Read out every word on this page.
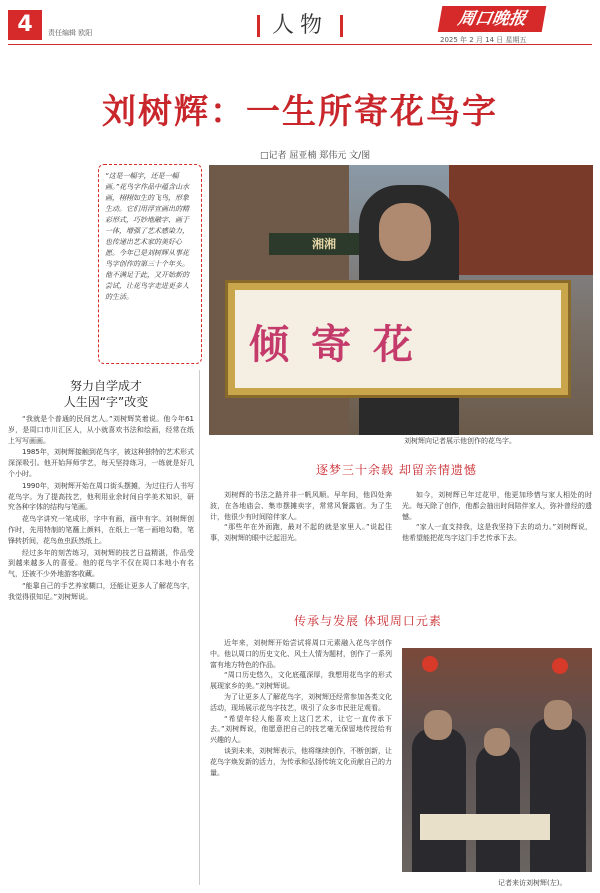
4	责任编辑 欧阳	人物	周口晚报
2025 年 2 月 14 日 星期五
刘树辉：一生所寄花鸟字
□记者 屈亚楠 郑伟元 文/图
“这是一幅字，还是一幅画。”花鸟字作品中蕴含山水画，栩栩如生的飞鸟，形象生动。它们用浮宣画出的精彩形式，巧妙地融字、画于一体，增强了艺术感染力，也传递出艺术家的美好心愿。今年已是刘树辉从事花鸟字创作的第三十个年头。他不满足于此，又开始新的尝试，让花鸟字走进更多人的生活。
湘湘
倾寄花
刘树辉向记者展示他创作的花鸟字。
努力自学成才
人生因“字”改变

“我就是个普通的民间艺人。”刘树辉笑着说。他今年61岁，是周口市川汇区人，从小就喜欢书法和绘画，经常在纸上写写画画。

1985年，刘树辉接触到花鸟字，被这种独特的艺术形式深深吸引。他开始拜师学艺，每天坚持练习，一练就是好几个小时。

1990年，刘树辉开始在周口街头摆摊，为过往行人书写花鸟字。为了提高技艺，他利用业余时间自学美术知识，研究各种字体的结构与笔画。

花鸟字讲究一笔成形，字中有画，画中有字。刘树辉创作时，先用特制的笔蘸上颜料，在纸上一笔一画地勾勒，笔锋转折间，花鸟鱼虫跃然纸上。

经过多年的刻苦练习，刘树辉的技艺日益精湛，作品受到越来越多人的喜爱。他的花鸟字不仅在周口本地小有名气，还被不少外地游客收藏。

“能靠自己的手艺养家糊口，还能让更多人了解花鸟字，我觉得很知足。”刘树辉说。

逐梦三十余载 却留亲情遗憾

刘树辉的书法之路并非一帆风顺。早年间，他四处奔波，在各地庙会、集市摆摊卖字，常常风餐露宿。为了生计，他很少有时间陪伴家人。

“那些年在外面跑，最对不起的就是家里人。”说起往事，刘树辉的眼中泛起泪光。

如今，刘树辉已年过花甲，他更加珍惜与家人相处的时光。每天除了创作，他都会抽出时间陪伴家人，弥补曾经的遗憾。

“家人一直支持我，这是我坚持下去的动力。”刘树辉说，他希望能把花鸟字这门手艺传承下去。

传承与发展 体现周口元素

近年来，刘树辉开始尝试将周口元素融入花鸟字创作中。他以周口的历史文化、风土人情为题材，创作了一系列富有地方特色的作品。

“周口历史悠久，文化底蕴深厚，我想用花鸟字的形式展现家乡的美。”刘树辉说。

为了让更多人了解花鸟字，刘树辉还经常参加各类文化活动，现场展示花鸟字技艺，吸引了众多市民驻足观看。

“希望年轻人能喜欢上这门艺术，让它一直传承下去。”刘树辉说，他愿意把自己的技艺毫无保留地传授给有兴趣的人。

谈到未来，刘树辉表示，他将继续创作，不断创新，让花鸟字焕发新的活力，为传承和弘扬传统文化贡献自己的力量。

记者来访刘树辉(左)。
